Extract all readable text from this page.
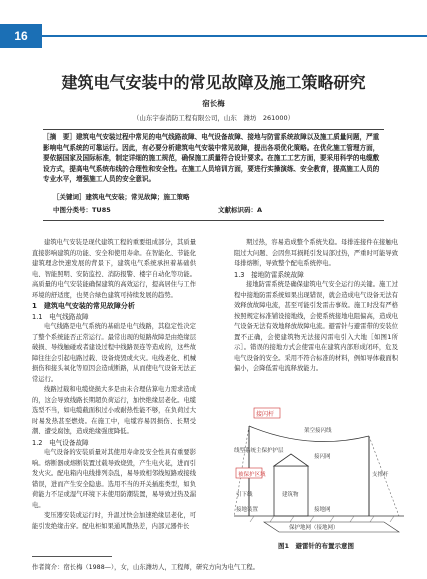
16
建筑电气安装中的常见故障及施工策略研究
宿长梅
（山东宇泰消防工程有限公司，山东　潍坊　261000）
［摘　要］建筑电气安装过程中常见的电气线路故障、电气设备故障、接地与防雷系统故障以及施工质量问题，严重影响电气系统的可靠运行。因此，有必要分析建筑电气安装中常见故障，提出各项优化策略。在优化施工管理方面，要依据国家及国际标准，制定详细的施工规范，确保施工质量符合设计要求。在施工工艺方面，要采用科学的电缆敷设方式，提高电气系统布线的合理性和安全性。在施工人员培训方面，要进行实操演练、安全教育，提高施工人员的专业水平，增强施工人员的安全意识。
［关键词］建筑电气安装；常见故障；施工策略
中图分类号：TU85	文献标识码：A

建筑电气安装是现代建筑工程的重要组成部分，其质量直接影响建筑的功能、安全和使用寿命。在智能化、节能化建筑理念快速发展的背景下，建筑电气系统承担着基础供电、智能照明、安防监控、消防报警、楼宇自动化等功能。高质量的电气安装能确保建筑的高效运行，提高居住与工作环境的舒适度，也契合绿色建筑可持续发展的趋势。

1　建筑电气安装的常见故障分析

1.1　电气线路故障

电气线路是电气系统的基础是电气线路，其稳定性决定了整个系统能否正常运行。最常出现的短路故障是由绝缘层破损、导线触碰或者建设过程中线路误连等造成的，这些故障往往会引起电路过载、设备烧毁或火灾。电线老化、机械损伤和接头氧化等原因会造成断路，从而使电气设备无法正常运行。

线路过载和电缆烧损大多是由未合理估算电力需求造成的，这会导致线路长期超负荷运行，加快绝缘层老化。电缆选型不当，如电缆截面积过小或耐热性能不够，在负荷过大时易发热甚至燃烧。在施工中，电缆容易因损伤、长期受潮、遭受腐蚀，造成绝缘强度降低。

1.2　电气设备故障

电气设备的安装质量对其使用寿命及安全性具有重要影响。熔断器或熔断装置过载导致烧毁，产生电火花，进而引发火灾。配电箱内电线排列杂乱，易导致相邻线短路或接线错误，进而产生安全隐患。选用不当的开关插座类型，如负荷能力不足或湿气环境下未使用防潮装置，易导致过热及漏电。

变压器安装或运行时，升温过快会加速绝缘层老化，可能引发绝缘击穿。配电柜如果通风散热差，内部元器件长

期过热，容易造成整个系统失稳。母排连接件在接触电阻过大问题、会因焦耳损耗引发局部过热，严重时可能导致母排熔断，导致整个配电系统停电。

1.3　接地防雷系统故障

接地防雷系统是确保建筑电气安全运行的关键。施工过程中接地防雷系统如果出现错误，就会造成电气设备无法有效释放故障电流，甚至可能引发雷击事故。施工时没有严格按照规定标准铺设接地线，会使系统接地电阻偏高，造成电气设备无法有效地释放故障电流。避雷针与避雷带的安装位置不正确，会使建筑物无法接闪雷电引入大地［如图1所示］。错误的接地方式会使雷电在建筑内部形成闭环，危及电气设备的安全。采用不符合标准的材料，例如导体截面积偏小，会降低雷电流释放能力。

接闪杆
架空接闪线
线型系统主保护护层
接闪网
被保护区域
建筑物
支撑杆
引下线
接地网
接地装置
保护地网（接地网）
图1　避雷针的布置示意图
作者简介：宿长梅（1988—），女，山东潍坊人，工程师，研究方向为电气工程。
